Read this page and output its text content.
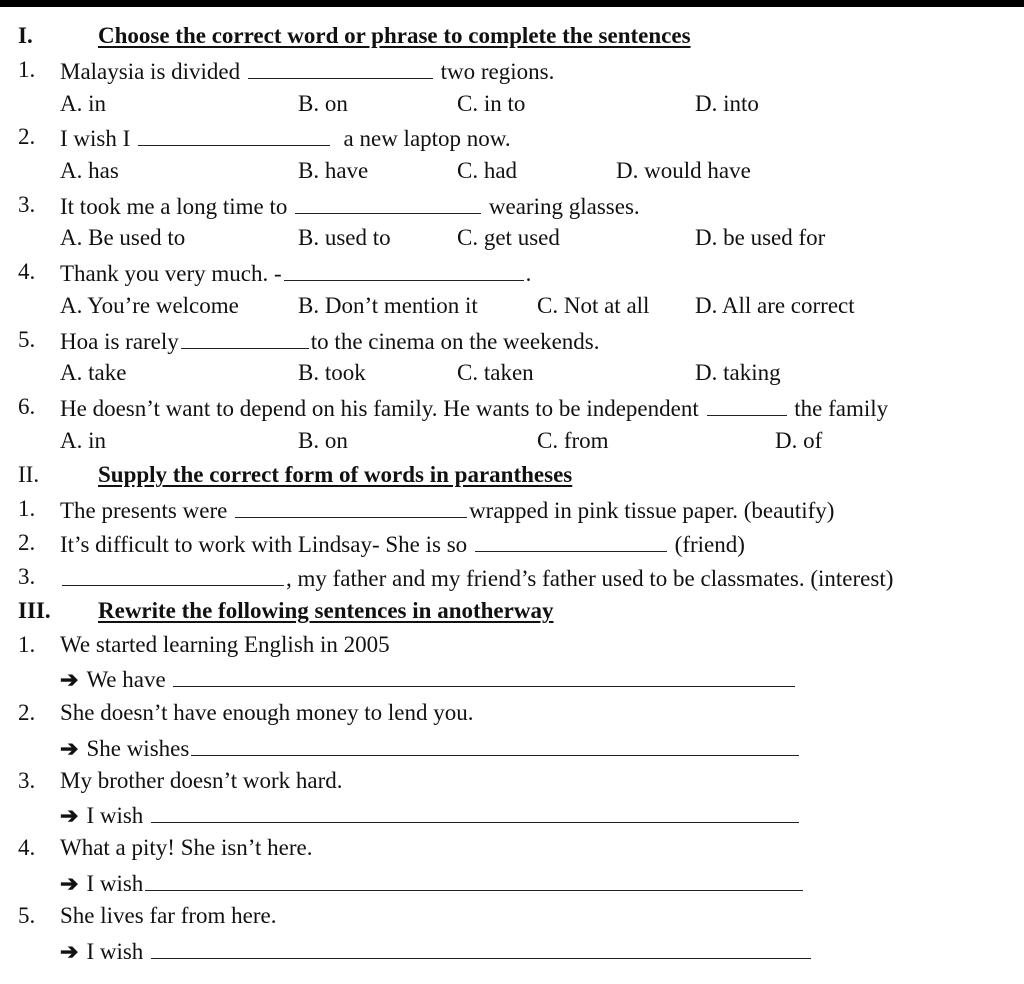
I.	Choose the correct word or phrase to complete the sentences
1. Malaysia is divided	two regions.
A. in	B. on	C. in to	D. into
2. I wish I	a new laptop now.
A. has	B. have	C. had	D. would have
3. It took me a long time to	wearing glasses.
A. Be used to	B. used to	C. get used	D. be used for
4. Thank you very much. -	.
A. You’re welcome	B. Don’t mention it	C. Not at all D. All are correct
5. Hoa is rarely	to the cinema on the weekends.
A. take	B. took	C. taken	D. taking
6. He doesn’t want to depend on his family. He wants to be independent	the family
A. in	B. on	C. from	D. of
II.	Supply the correct form of words in parantheses
1. The presents were	wrapped in pink tissue paper. (beautify)
2. It’s difficult to work with Lindsay- She is so	(friend)
3.	, my father and my friend’s father used to be classmates. (interest)
III. Rewrite the following sentences in anotherway
1. We started learning English in 2005
➔ We have
2. She doesn’t have enough money to lend you.
➔ She wishes
3. My brother doesn’t work hard.
➔ I wish
4. What a pity! She isn’t here.
➔ I wish
5. She lives far from here.
➔ I wish
